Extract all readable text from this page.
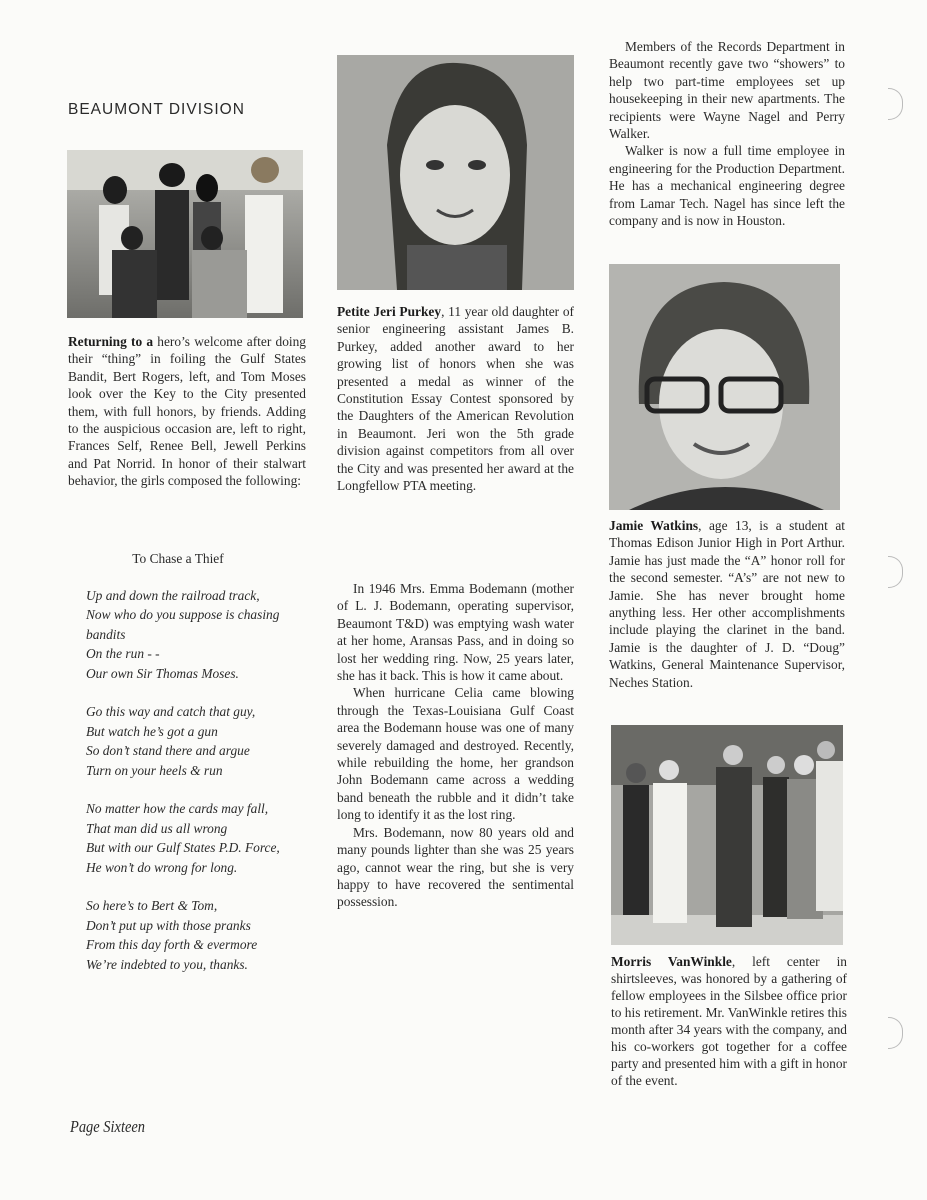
BEAUMONT DIVISION

Returning to a hero’s welcome after doing their “thing” in foiling the Gulf States Bandit, Bert Rogers, left, and Tom Moses look over the Key to the City presented them, with full honors, by friends. Adding to the auspicious occasion are, left to right, Frances Self, Renee Bell, Jewell Perkins and Pat Norrid. In honor of their stalwart behavior, the girls composed the following:

To Chase a Thief
Up and down the railroad track,
Now who do you suppose is chasing bandits
On the run - -
Our own Sir Thomas Moses.
Go this way and catch that guy,
But watch he’s got a gun
So don’t stand there and argue
Turn on your heels & run
No matter how the cards may fall,
That man did us all wrong
But with our Gulf States P.D. Force,
He won’t do wrong for long.
So here’s to Bert & Tom,
Don’t put up with those pranks
From this day forth & evermore
We’re indebted to you, thanks.

Petite Jeri Purkey, 11 year old daughter of senior engineering assistant James B. Purkey, added another award to her growing list of honors when she was presented a medal as winner of the Constitution Essay Contest sponsored by the Daughters of the American Revolution in Beaumont. Jeri won the 5th grade division against competitors from all over the City and was presented her award at the Longfellow PTA meeting.

In 1946 Mrs. Emma Bodemann (mother of L. J. Bodemann, operating supervisor, Beaumont T&D) was emptying wash water at her home, Aransas Pass, and in doing so lost her wedding ring. Now, 25 years later, she has it back. This is how it came about.

When hurricane Celia came blowing through the Texas-Louisiana Gulf Coast area the Bodemann house was one of many severely damaged and destroyed. Recently, while rebuilding the home, her grandson John Bodemann came across a wedding band beneath the rubble and it didn’t take long to identify it as the lost ring.

Mrs. Bodemann, now 80 years old and many pounds lighter than she was 25 years ago, cannot wear the ring, but she is very happy to have recovered the sentimental possession.

Members of the Records Department in Beaumont recently gave two “showers” to help two part-time employees set up housekeeping in their new apartments. The recipients were Wayne Nagel and Perry Walker.

Walker is now a full time employee in engineering for the Production Department. He has a mechanical engineering degree from Lamar Tech. Nagel has since left the company and is now in Houston.

Jamie Watkins, age 13, is a student at Thomas Edison Junior High in Port Arthur. Jamie has just made the “A” honor roll for the second semester. “A’s” are not new to Jamie. She has never brought home anything less. Her other accomplishments include playing the clarinet in the band. Jamie is the daughter of J. D. “Doug” Watkins, General Maintenance Supervisor, Neches Station.

Morris VanWinkle, left center in shirtsleeves, was honored by a gathering of fellow employees in the Silsbee office prior to his retirement. Mr. VanWinkle retires this month after 34 years with the company, and his co-workers got together for a coffee party and presented him with a gift in honor of the event.

Page Sixteen
